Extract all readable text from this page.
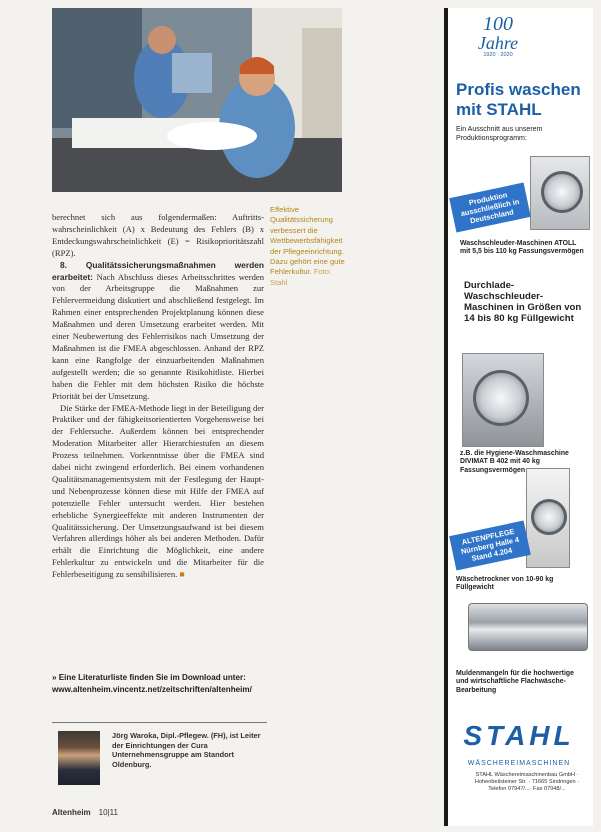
berechnet sich aus folgendermaßen: Auftritts-wahrscheinlichkeit (A) x Bedeutung des Fehlers (B) x Entdeckungswahrscheinlichkeit (E) = Risikoprioritätszahl (RPZ).

8. Qualitätssicherungsmaßnahmen werden erarbeitet: Nach Abschluss dieses Arbeitsschrittes werden von der Arbeitsgruppe die Maßnahmen zur Fehlervermeidung diskutiert und abschließend festgelegt. Im Rahmen einer entsprechenden Projektplanung können diese Maßnahmen und deren Umsetzung erarbeitet werden. Mit einer Neubewertung des Fehlerrisikos nach Umsetzung der Maßnahmen ist die FMEA abgeschlossen. Anhand der RPZ kann eine Rangfolge der einzuarbeitenden Maßnahmen aufgestellt werden; die so genannte Risikohitliste. Hierbei haben die Fehler mit dem höchsten Risiko die höchste Priorität bei der Umsetzung.

Die Stärke der FMEA-Methode liegt in der Beteiligung der Praktiker und der fähigkeitsorientierten Vorgehensweise bei der Fehlersuche. Außerdem können bei entsprechender Moderation Mitarbeiter aller Hierarchiestufen an diesem Prozess teilnehmen. Vorkenntnisse über die FMEA sind dabei nicht zwingend erforderlich. Bei einem vorhandenen Qualitätsmanagementsystem mit der Festlegung der Haupt- und Nebenprozesse können diese mit Hilfe der FMEA auf potenzielle Fehler untersucht werden. Hier bestehen erhebliche Synergieeffekte mit anderen Instrumenten der Qualitätssicherung. Der Umsetzungsaufwand ist bei diesem Verfahren allerdings höher als bei anderen Methoden. Dafür erhält die Einrichtung die Möglichkeit, eine andere Fehlerkultur zu entwickeln und die Mitarbeiter für die Fehlerbeseitigung zu sensibilisieren. ■

» Eine Literaturliste finden Sie im Download unter: www.altenheim.vincentz.net/zeitschriften/altenheim/
Effektive Qualitätssicherung verbessert die Wettbewerbsfähigkeit der Pflegeeinrichtung. Dazu gehört eine gute Fehlerkultur. Foto: Stahl
Jörg Waroka, Dipl.-Pflegew. (FH), ist Leiter der Einrichtungen der Cura Unternehmensgruppe am Standort Oldenburg.
Altenheim 10|11
100
Jahre
1920 · 2020
Profis waschen mit STAHL
Ein Ausschnitt aus unserem Produktionsprogramm:
Produktion ausschließlich in Deutschland
Waschschleuder-Maschinen ATOLL mit 5,5 bis 110 kg Fassungsvermögen
Durchlade-Waschschleuder-Maschinen in Größen von 14 bis 80 kg Füllgewicht
z.B. die Hygiene-Waschmaschine DIVIMAT B 402 mit 40 kg Fassungsvermögen
ALTENPFLEGE Nürnberg Halle 4 Stand 4.204
Wäschetrockner von 10-90 kg Füllgewicht
Muldenmangeln für die hochwertige und wirtschaftliche Flachwäsche-Bearbeitung
STAHL
WÄSCHEREIMASCHINEN
STAHL Wäschereimaschinenbau GmbH · Hohenbeilsteiner Str. · 71665 Sindringen · Telefon 07947/...· Fax 07948/...
